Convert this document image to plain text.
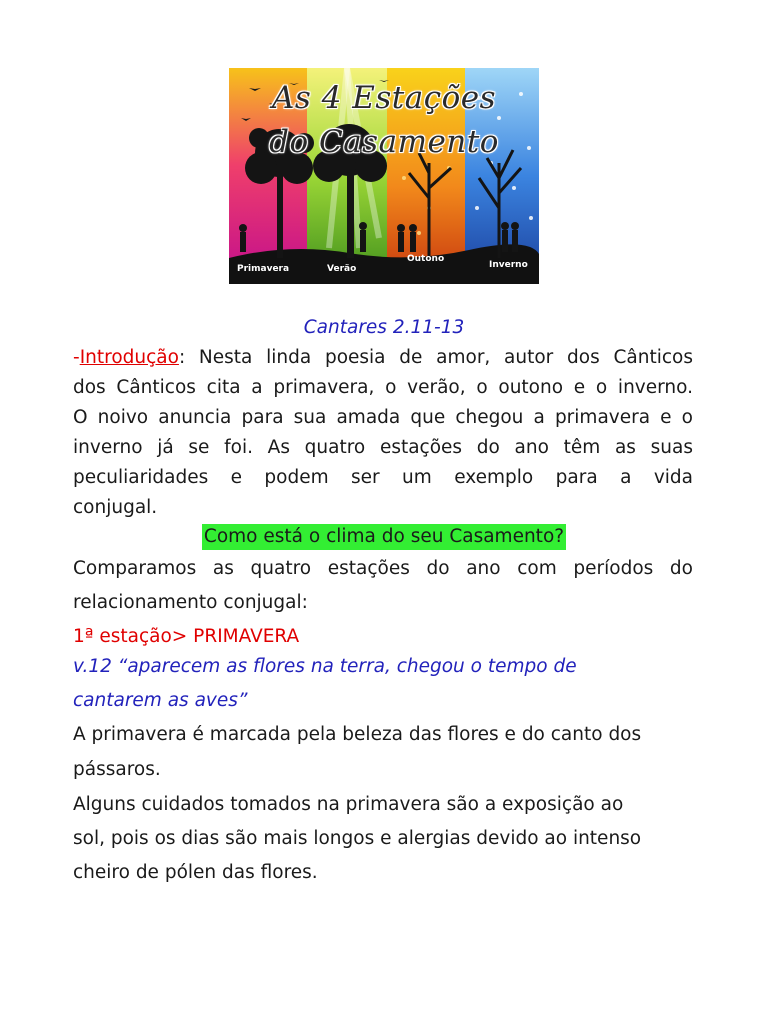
As 4 Estações
do Casamento
Primavera	Verão
Outono
Inverno
Cantares 2.11-13
-Introdução: Nesta linda poesia de amor, autor dos Cânticos
dos Cânticos cita a primavera, o verão, o outono e o inverno.
O noivo anuncia para sua amada que chegou a primavera e o
inverno já se foi. As quatro estações do ano têm as suas
peculiaridades e podem ser um exemplo para a vida
conjugal.
Como está o clima do seu Casamento?
Comparamos as quatro estações do ano com períodos do
relacionamento conjugal:
1ª estação> PRIMAVERA
v.12 “aparecem as flores na terra, chegou o tempo de
cantarem as aves”
A primavera é marcada pela beleza das flores e do canto dos
pássaros.
Alguns cuidados tomados na primavera são a exposição ao
sol, pois os dias são mais longos e alergias devido ao intenso
cheiro de pólen das flores.
